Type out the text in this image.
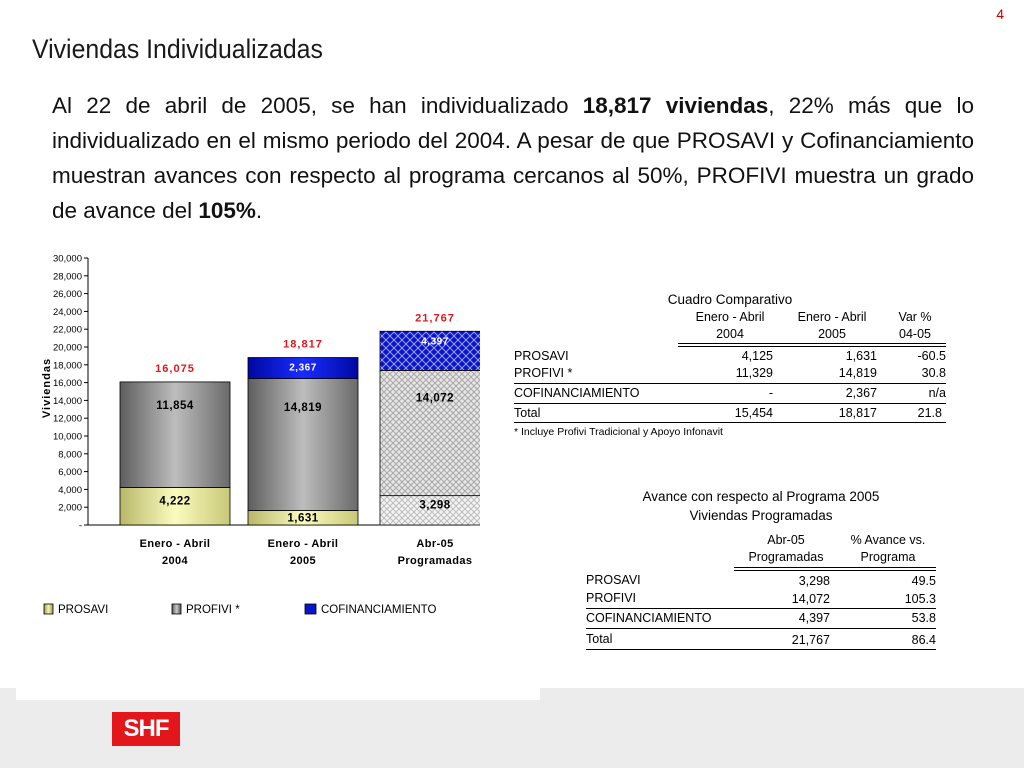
4
Viviendas Individualizadas
Al 22 de abril de 2005, se han individualizado 18,817 viviendas, 22% más que lo individualizado en el mismo periodo del 2004. A pesar de que PROSAVI y Cofinanciamiento muestran avances con respecto al programa cercanos al 50%, PROFIVI muestra un grado de avance del 105%.
-
2,000
4,000
6,000
8,000
10,000
12,000
14,000
16,000
18,000
20,000
22,000
24,000
26,000
28,000
30,000
4,222
11,854
16,075
1,631
14,819
2,367
18,817
3,298
14,072
4,397
21,767
Enero - Abril
2004
Enero - Abril
2005
Abr-05
Programadas
Viviendas
PROSAVI	PROFIVI *	COFINANCIAMIENTO
Cuadro Comparativo
Enero - Abril
2004
Enero - Abril
2005
Var %
04-05
PROSAVI	4,125	1,631	-60.5
PROFIVI *	11,329	14,819	30.8
COFINANCIAMIENTO	-	2,367	n/a
Total	15,454	18,817	21.8
* Incluye Profivi Tradicional y Apoyo Infonavit
Avance con respecto al Programa 2005
Viviendas Programadas
Abr-05
Programadas
% Avance vs.
Programa
PROSAVI	3,298	49.5
PROFIVI	14,072	105.3
COFINANCIAMIENTO	4,397	53.8
Total	21,767	86.4
SHF
